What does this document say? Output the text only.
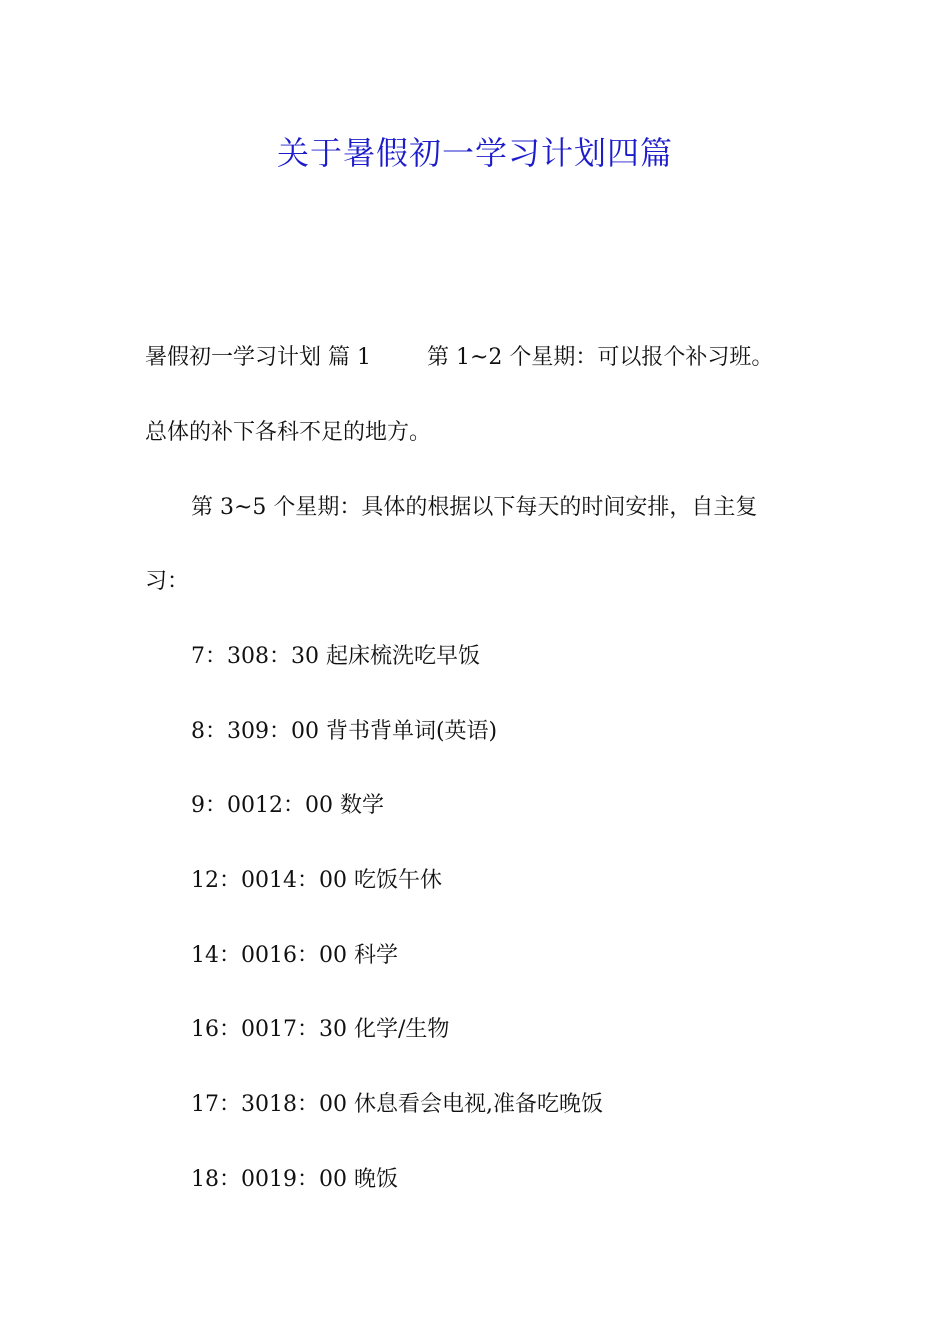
关于暑假初一学习计划四篇
暑假初一学习计划 篇 1	第 1~2 个星期：可以报个补习班。
总体的补下各科不足的地方。
第 3~5 个星期：具体的根据以下每天的时间安排，自主复
习：
7：308：30 起床梳洗吃早饭
8：309：00 背书背单词(英语)
9：0012：00 数学
12：0014：00 吃饭午休
14：0016：00 科学
16：0017：30 化学/生物
17：3018：00 休息看会电视,准备吃晚饭
18：0019：00 晚饭
